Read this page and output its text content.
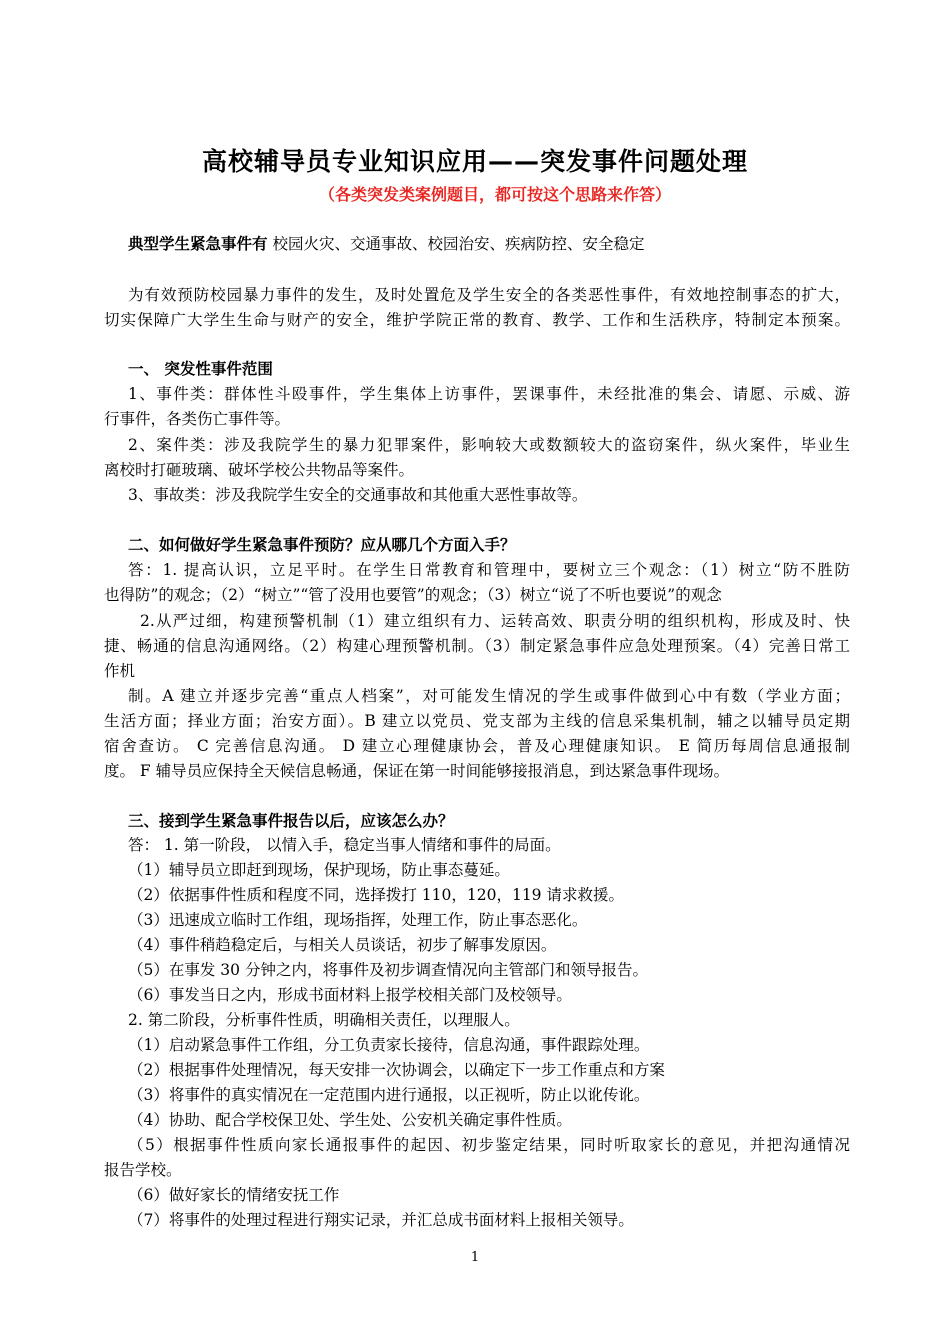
高校辅导员专业知识应用——突发事件问题处理
（各类突发类案例题目，都可按这个思路来作答）
典型学生紧急事件有 校园火灾、交通事故、校园治安、疾病防控、安全稳定
为有效预防校园暴力事件的发生，及时处置危及学生安全的各类恶性事件，有效地控制事态的扩大，
切实保障广大学生生命与财产的安全，维护学院正常的教育、教学、工作和生活秩序，特制定本预案。
一、 突发性事件范围
1、事件类：群体性斗殴事件，学生集体上访事件，罢课事件，未经批准的集会、请愿、示威、游
行事件，各类伤亡事件等。
2、案件类：涉及我院学生的暴力犯罪案件，影响较大或数额较大的盗窃案件，纵火案件，毕业生
离校时打砸玻璃、破坏学校公共物品等案件。
3、事故类：涉及我院学生安全的交通事故和其他重大恶性事故等。
二、如何做好学生紧急事件预防？应从哪几个方面入手？
答：1. 提高认识，立足平时。在学生日常教育和管理中，要树立三个观念：（1）树立“防不胜防
也得防”的观念；（2）“树立”“管了没用也要管”的观念；（3）树立“说了不听也要说”的观念
2.从严过细，构建预警机制（1）建立组织有力、运转高效、职责分明的组织机构，形成及时、快
捷、畅通的信息沟通网络。（2）构建心理预警机制。（3）制定紧急事件应急处理预案。（4）完善日常工
作机
制。A 建立并逐步完善“重点人档案”，对可能发生情况的学生或事件做到心中有数（学业方面；
生活方面；择业方面；治安方面）。B 建立以党员、党支部为主线的信息采集机制，辅之以辅导员定期
宿舍查访。 C 完善信息沟通。 D 建立心理健康协会，普及心理健康知识。 E 简历每周信息通报制
度。 F 辅导员应保持全天候信息畅通，保证在第一时间能够接报消息，到达紧急事件现场。
三、接到学生紧急事件报告以后，应该怎么办？
答： 1. 第一阶段， 以情入手，稳定当事人情绪和事件的局面。
（1）辅导员立即赶到现场，保护现场，防止事态蔓延。
（2）依据事件性质和程度不同，选择拨打 110，120，119 请求救援。
（3）迅速成立临时工作组，现场指挥，处理工作，防止事态恶化。
（4）事件稍趋稳定后，与相关人员谈话，初步了解事发原因。
（5）在事发 30 分钟之内，将事件及初步调查情况向主管部门和领导报告。
（6）事发当日之内，形成书面材料上报学校相关部门及校领导。
2. 第二阶段，分析事件性质，明确相关责任，以理服人。
（1）启动紧急事件工作组，分工负责家长接待，信息沟通，事件跟踪处理。
（2）根据事件处理情况，每天安排一次协调会，以确定下一步工作重点和方案
（3）将事件的真实情况在一定范围内进行通报，以正视听，防止以讹传讹。
（4）协助、配合学校保卫处、学生处、公安机关确定事件性质。
（5）根据事件性质向家长通报事件的起因、初步鉴定结果，同时听取家长的意见，并把沟通情况
报告学校。
（6）做好家长的情绪安抚工作
（7）将事件的处理过程进行翔实记录，并汇总成书面材料上报相关领导。
1
